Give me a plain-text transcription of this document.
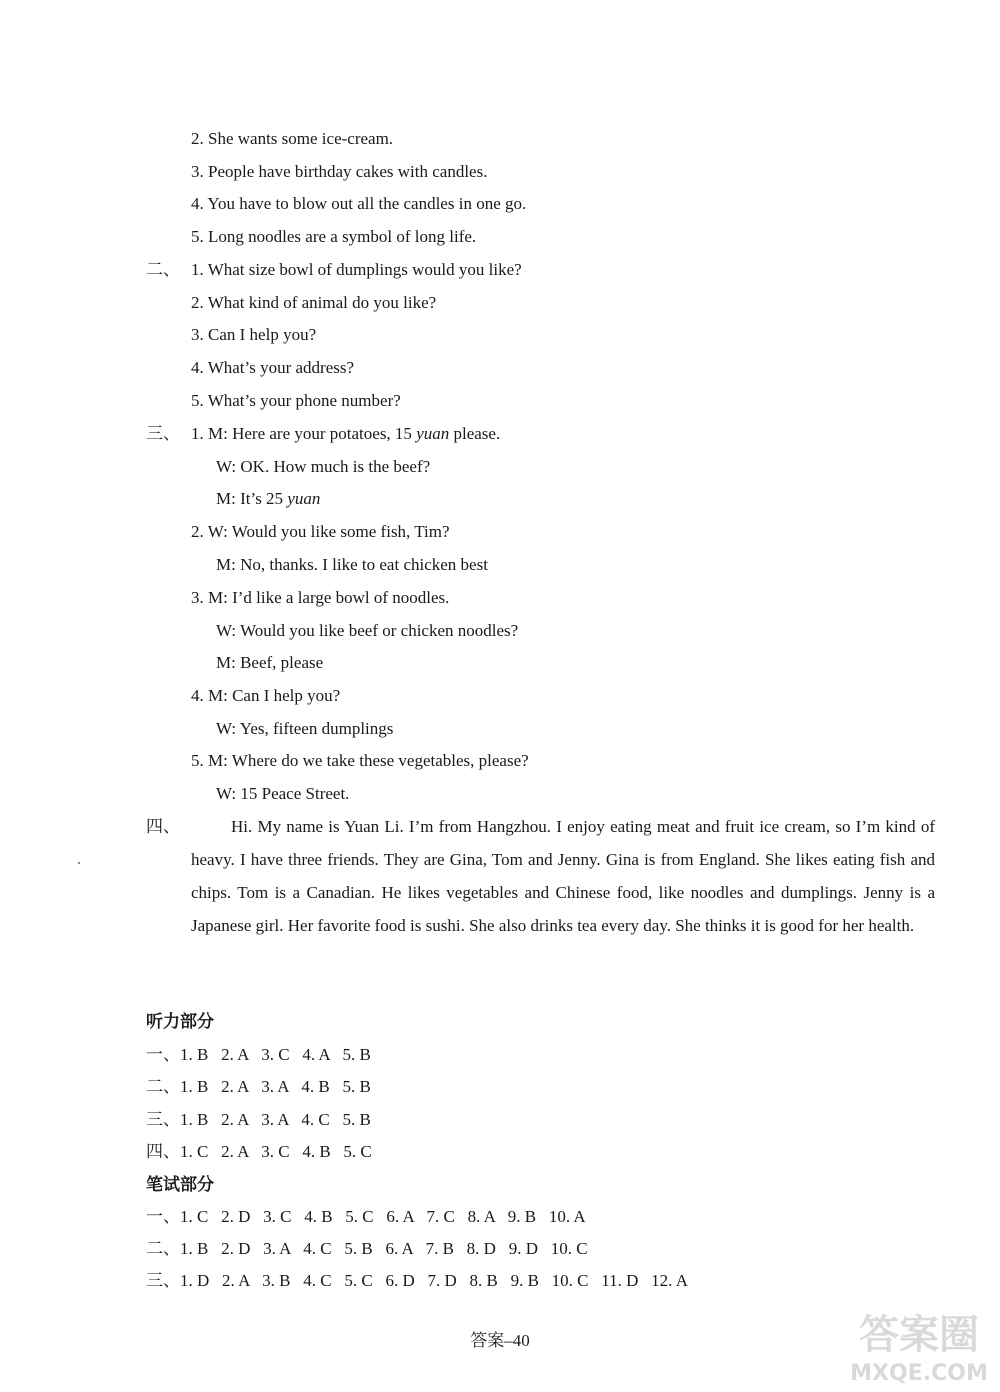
2. She wants some ice-cream.
3. People have birthday cakes with candles.
4. You have to blow out all the candles in one go.
5. Long noodles are a symbol of long life.
二、 1. What size bowl of dumplings would you like?
2. What kind of animal do you like?
3. Can I help you?
4. What’s your address?
5. What’s your phone number?
三、 1. M: Here are your potatoes, 15 yuan please.
W: OK. How much is the beef?
M: It’s 25 yuan
2. W: Would you like some fish, Tim?
M: No, thanks. I like to eat chicken best
3. M: I’d like a large bowl of noodles.
W: Would you like beef or chicken noodles?
M: Beef, please
4. M: Can I help you?
W: Yes, fifteen dumplings
5. M: Where do we take these vegetables, please?
W: 15 Peace Street.
四、	Hi. My name is Yuan Li. I’m from Hangzhou. I enjoy eating meat and fruit ice cream, so I’m kind of heavy. I have three friends. They are Gina, Tom and Jenny. Gina is from England. She likes eating fish and chips. Tom is a Canadian. He likes vegetables and Chinese food, like noodles and dumplings. Jenny is a Japanese girl. Her favorite food is sushi. She also drinks tea every day. She thinks it is good for her health.
听力部分
一、1. B   2. A   3. C   4. A   5. B
二、1. B   2. A   3. A   4. B   5. B
三、1. B   2. A   3. A   4. C   5. B
四、1. C   2. A   3. C   4. B   5. C
笔试部分
一、1. C   2. D   3. C   4. B   5. C   6. A   7. C   8. A   9. B   10. A
二、1. B   2. D   3. A   4. C   5. B   6. A   7. B   8. D   9. D   10. C
三、1. D   2. A   3. B   4. C   5. C   6. D   7. D   8. B   9. B   10. C   11. D   12. A
答案–40	答案圈
MXQE.COM
